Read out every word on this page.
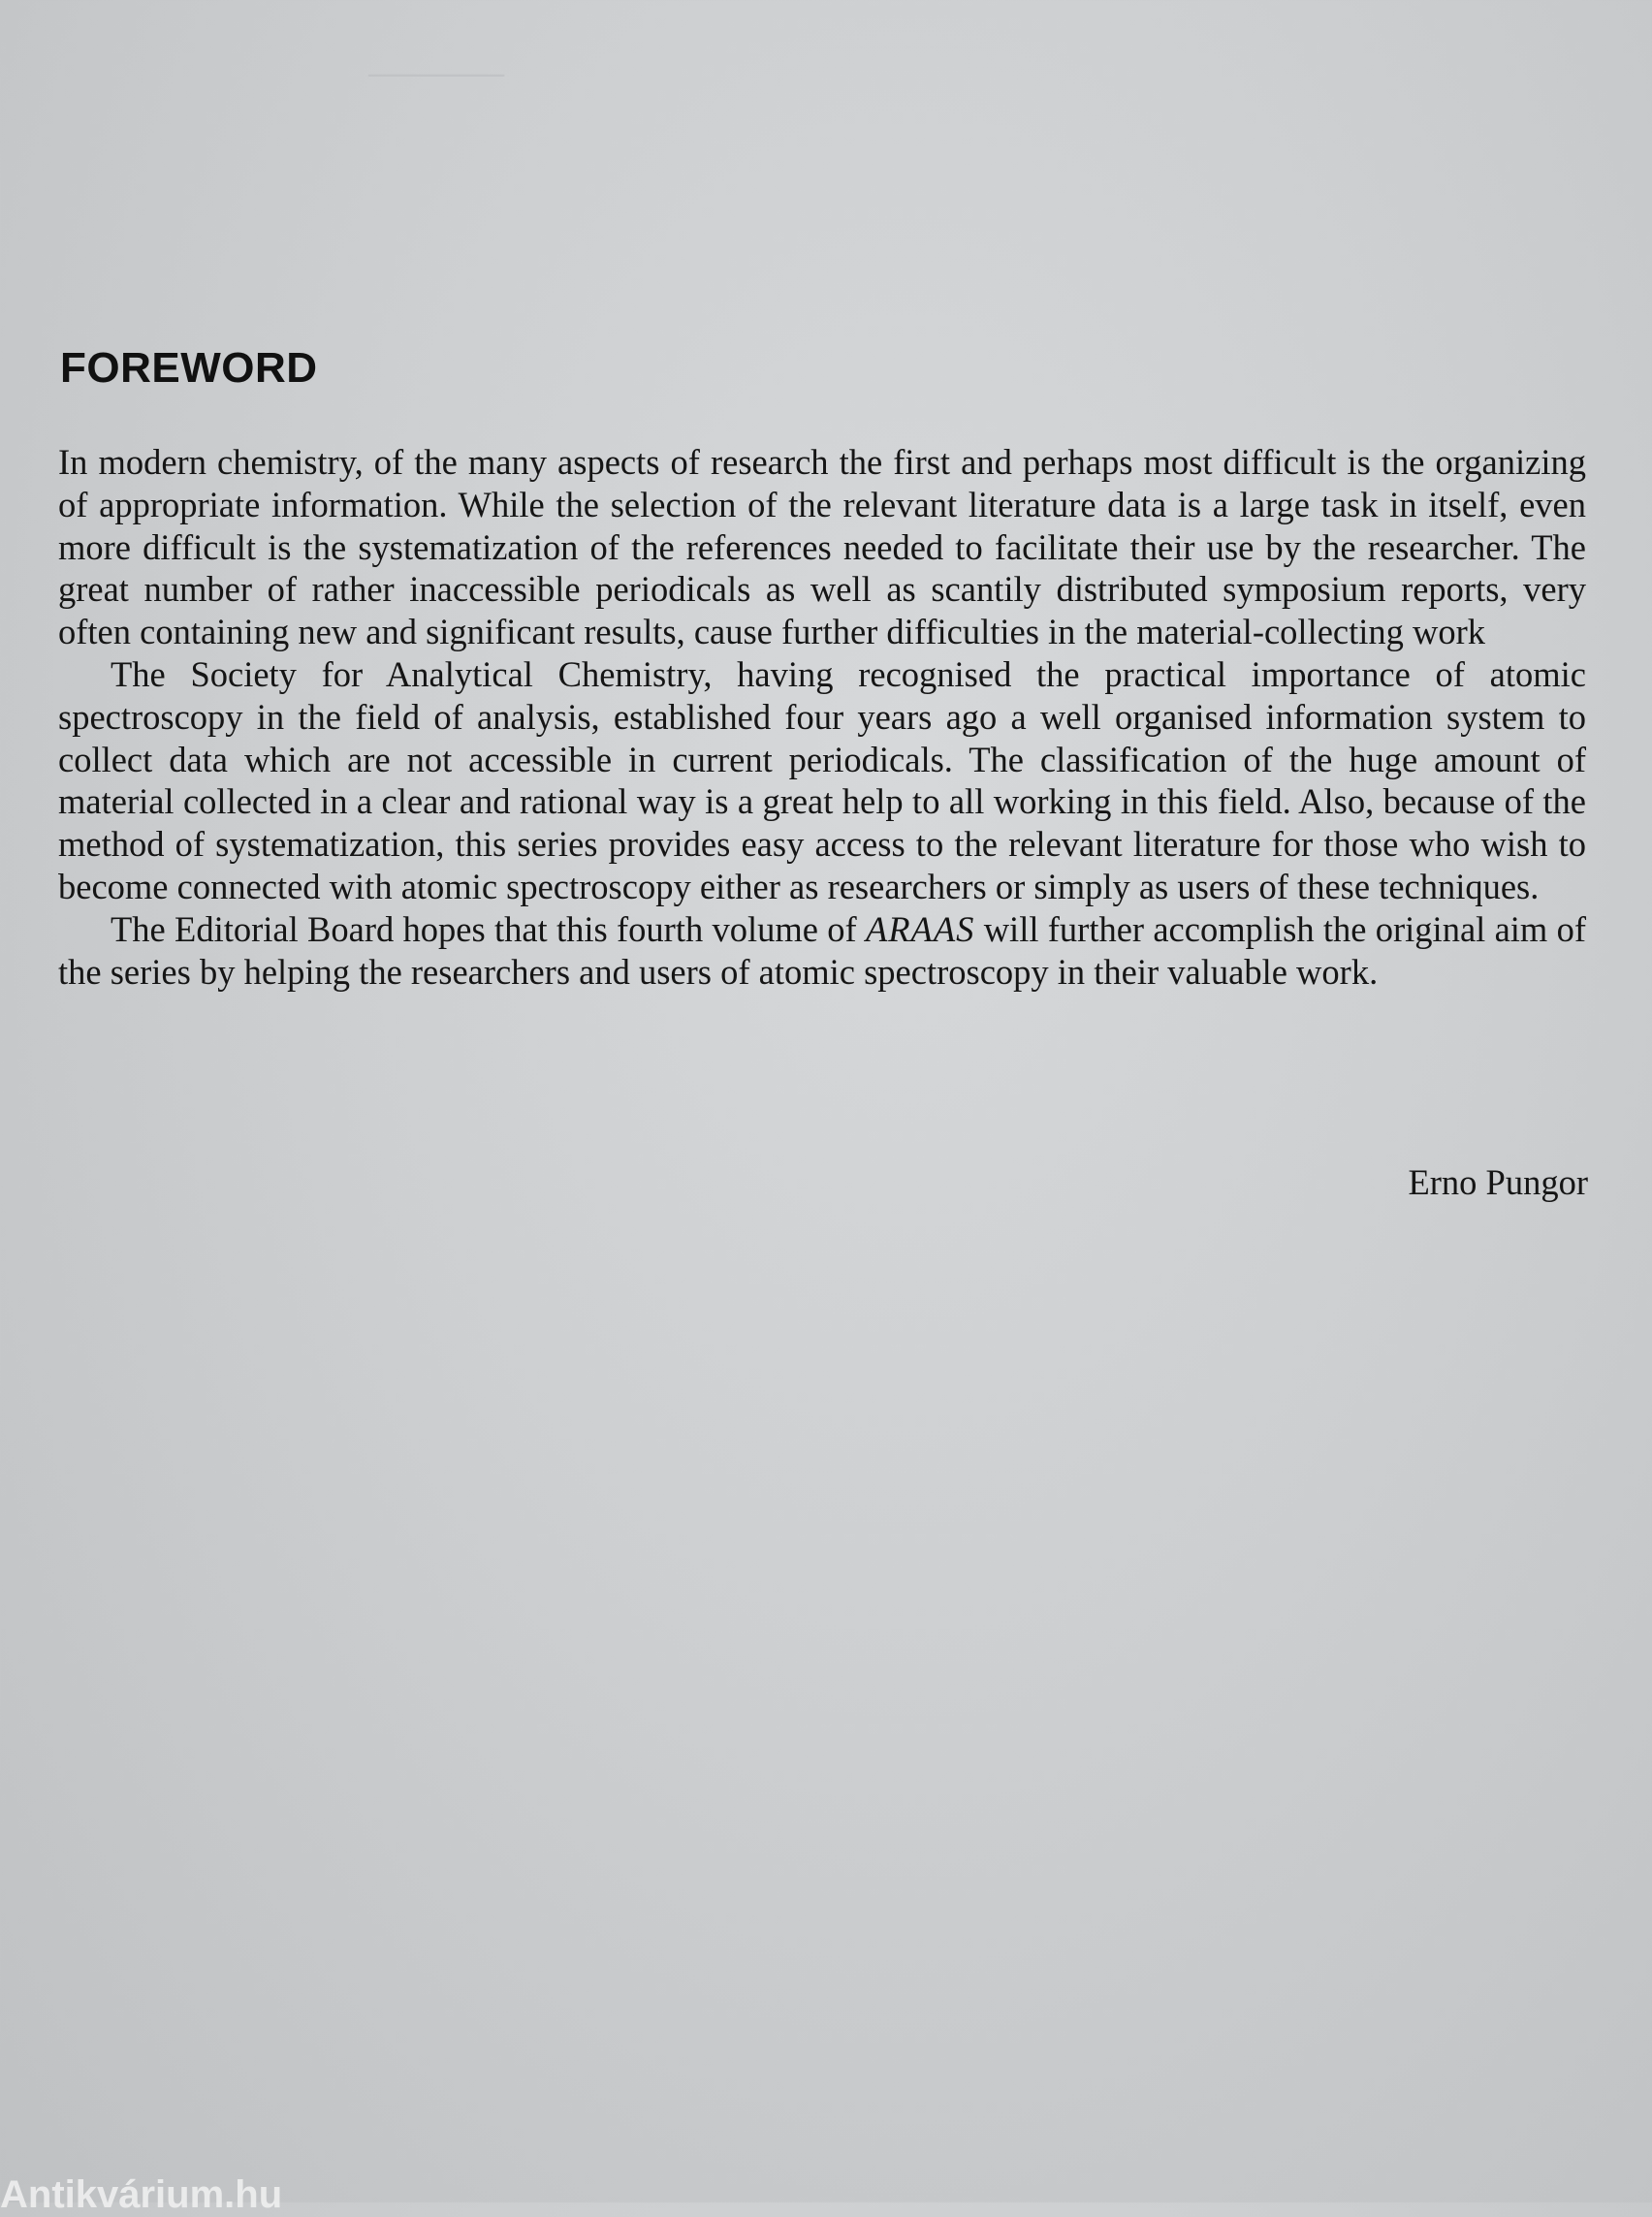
──────
FOREWORD

In modern chemistry, of the many aspects of research the first and perhaps most difficult is the organizing of appropriate information. While the selection of the relevant literature data is a large task in itself, even more difficult is the systematization of the references needed to facilitate their use by the researcher. The great number of rather inaccessible periodicals as well as scantily distributed symposium reports, very often containing new and significant results, cause further difficulties in the material-collecting work

The Society for Analytical Chemistry, having recognised the practical importance of atomic spectroscopy in the field of analysis, established four years ago a well organised information system to collect data which are not accessible in current periodicals. The classification of the huge amount of material collected in a clear and rational way is a great help to all working in this field. Also, because of the method of systematization, this series provides easy access to the relevant literature for those who wish to become connected with atomic spectroscopy either as researchers or simply as users of these techniques.

The Editorial Board hopes that this fourth volume of ARAAS will further accomplish the original aim of the series by helping the researchers and users of atomic spectroscopy in their valuable work.

Erno Pungor

Antikvárium.hu
